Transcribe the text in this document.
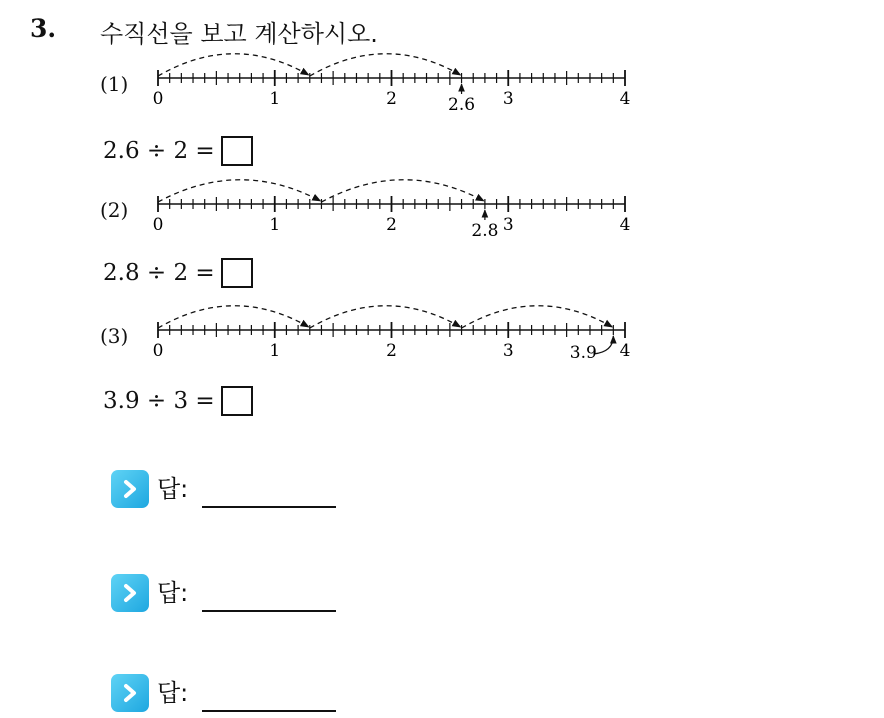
3. 수직선을 보고 계산하시오.
(1)
0	1	2	3	4
2.6
2.6 ÷ 2 =
(2)
0	1	2	3	4
2.8
2.8 ÷ 2 =
(3)
0	1	2	3	4
3.9
3.9 ÷ 3 =
답:
답:
답:
